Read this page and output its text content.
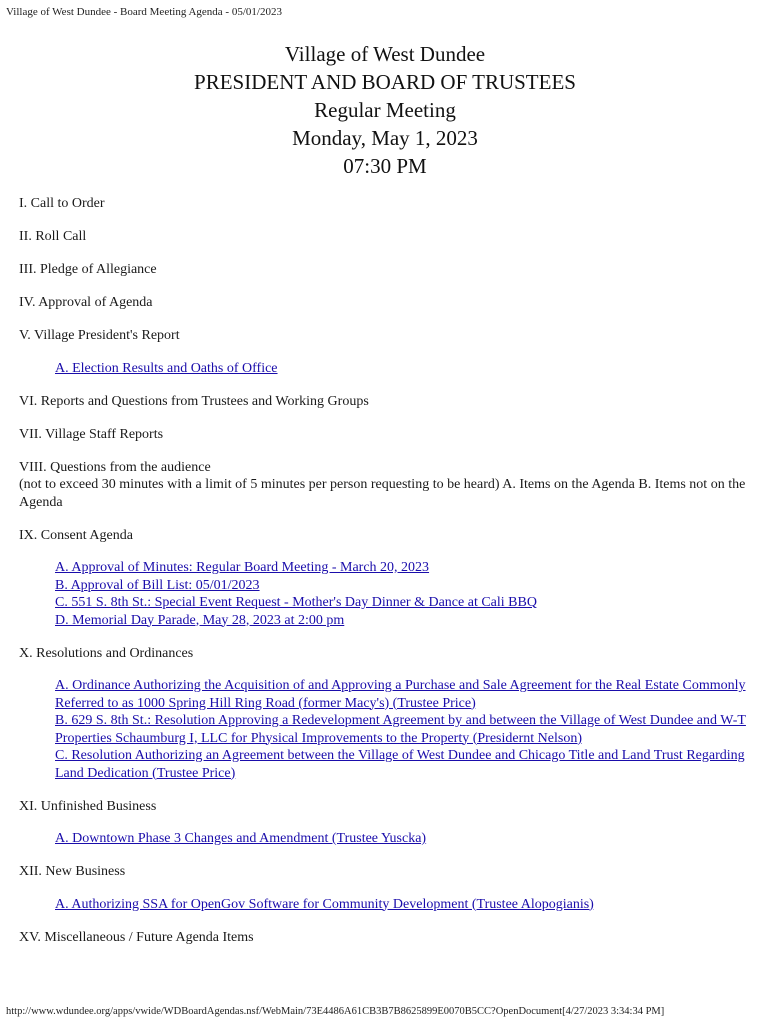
Village of West Dundee - Board Meeting Agenda - 05/01/2023
Village of West Dundee
PRESIDENT AND BOARD OF TRUSTEES
Regular Meeting
Monday, May 1, 2023
07:30 PM
I. Call to Order
II. Roll Call
III. Pledge of Allegiance
IV. Approval of Agenda
V. Village President's Report
A. Election Results and Oaths of Office
VI. Reports and Questions from Trustees and Working Groups
VII. Village Staff Reports
VIII. Questions from the audience
(not to exceed 30 minutes with a limit of 5 minutes per person requesting to be heard) A. Items on the Agenda B. Items not on the Agenda
IX. Consent Agenda
A. Approval of Minutes: Regular Board Meeting - March 20, 2023
B. Approval of Bill List: 05/01/2023
C. 551 S. 8th St.: Special Event Request - Mother's Day Dinner & Dance at Cali BBQ
D. Memorial Day Parade, May 28, 2023 at 2:00 pm
X. Resolutions and Ordinances
A. Ordinance Authorizing the Acquisition of and Approving a Purchase and Sale Agreement for the Real Estate Commonly Referred to as 1000 Spring Hill Ring Road (former Macy's) (Trustee Price)
B. 629 S. 8th St.: Resolution Approving a Redevelopment Agreement by and between the Village of West Dundee and W-T Properties Schaumburg I, LLC for Physical Improvements to the Property (Presidernt Nelson)
C. Resolution Authorizing an Agreement between the Village of West Dundee and Chicago Title and Land Trust Regarding Land Dedication (Trustee Price)
XI. Unfinished Business
A. Downtown Phase 3 Changes and Amendment (Trustee Yuscka)
XII. New Business
A. Authorizing SSA for OpenGov Software for Community Development (Trustee Alopogianis)
XV. Miscellaneous / Future Agenda Items
http://www.wdundee.org/apps/vwide/WDBoardAgendas.nsf/WebMain/73E4486A61CB3B7B8625899E0070B5CC?OpenDocument[4/27/2023 3:34:34 PM]
